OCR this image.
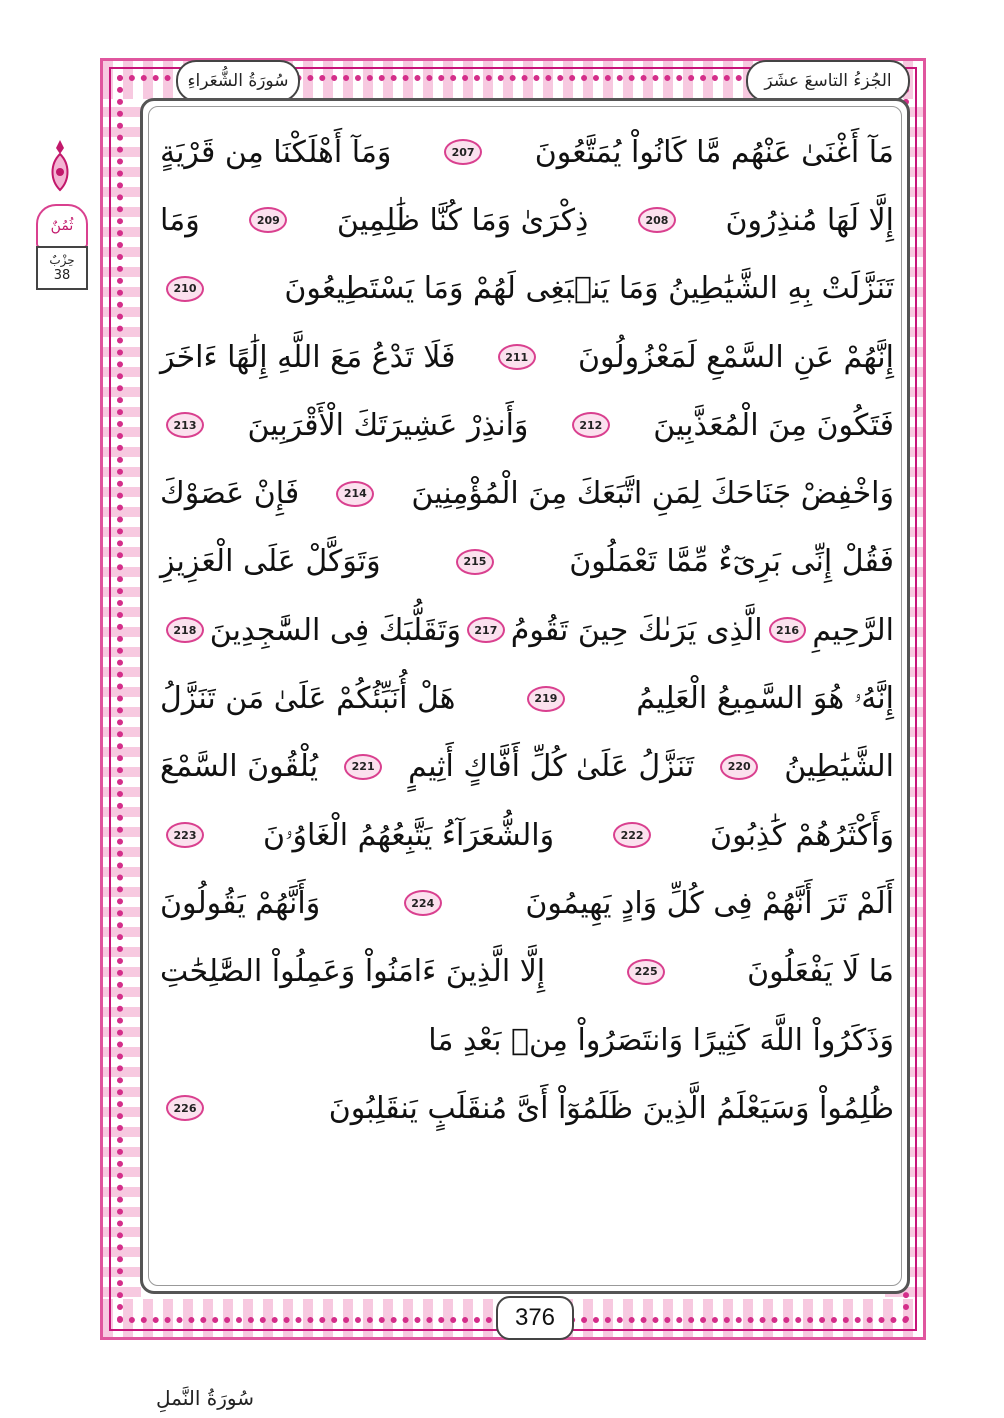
الجُزءُ التاسعَ عشَرَ
سُورَةُ الشُّعَراءِ
ثُمُنٌ
حِزْبٌ
38
مَآ أَغْنَىٰ عَنْهُم مَّا كَانُواْ يُمَتَّعُونَ
207
وَمَآ أَهْلَكْنَا مِن قَرْيَةٍ
إِلَّا لَهَا مُنذِرُونَ
208
ذِكْرَىٰ وَمَا كُنَّا ظَٰلِمِينَ
209
وَمَا
تَنَزَّلَتْ بِهِ الشَّيَٰطِينُ وَمَا يَنۢبَغِى لَهُمْ وَمَا يَسْتَطِيعُونَ
210
إِنَّهُمْ عَنِ السَّمْعِ لَمَعْزُولُونَ
211
فَلَا تَدْعُ مَعَ اللَّهِ إِلَٰهًا ءَاخَرَ
فَتَكُونَ مِنَ الْمُعَذَّبِينَ
212
وَأَنذِرْ عَشِيرَتَكَ الْأَقْرَبِينَ
213
وَاخْفِضْ جَنَاحَكَ لِمَنِ اتَّبَعَكَ مِنَ الْمُؤْمِنِينَ
214
فَإِنْ عَصَوْكَ
فَقُلْ إِنِّى بَرِىٓءٌ مِّمَّا تَعْمَلُونَ
215
وَتَوَكَّلْ عَلَى الْعَزِيزِ
الرَّحِيمِ
216
الَّذِى يَرَىٰكَ حِينَ تَقُومُ
217
وَتَقَلُّبَكَ فِى السَّٰجِدِينَ
218
إِنَّهُۥ هُوَ السَّمِيعُ الْعَلِيمُ
219
هَلْ أُنَبِّئُكُمْ عَلَىٰ مَن تَنَزَّلُ
الشَّيَٰطِينُ
220
تَنَزَّلُ عَلَىٰ كُلِّ أَفَّاكٍ أَثِيمٍ
221
يُلْقُونَ السَّمْعَ
وَأَكْثَرُهُمْ كَٰذِبُونَ
222
وَالشُّعَرَآءُ يَتَّبِعُهُمُ الْغَاوُۥنَ
223
أَلَمْ تَرَ أَنَّهُمْ فِى كُلِّ وَادٍ يَهِيمُونَ
224
وَأَنَّهُمْ يَقُولُونَ
مَا لَا يَفْعَلُونَ
225
إِلَّا الَّذِينَ ءَامَنُواْ وَعَمِلُواْ الصَّٰلِحَٰتِ
وَذَكَرُواْ اللَّهَ كَثِيرًا وَانتَصَرُواْ مِنۢ بَعْدِ مَا
ظُلِمُواْ وَسَيَعْلَمُ الَّذِينَ ظَلَمُوٓاْ أَىَّ مُنقَلَبٍ يَنقَلِبُونَ
226
376
سُورَةُ النَّملِ
